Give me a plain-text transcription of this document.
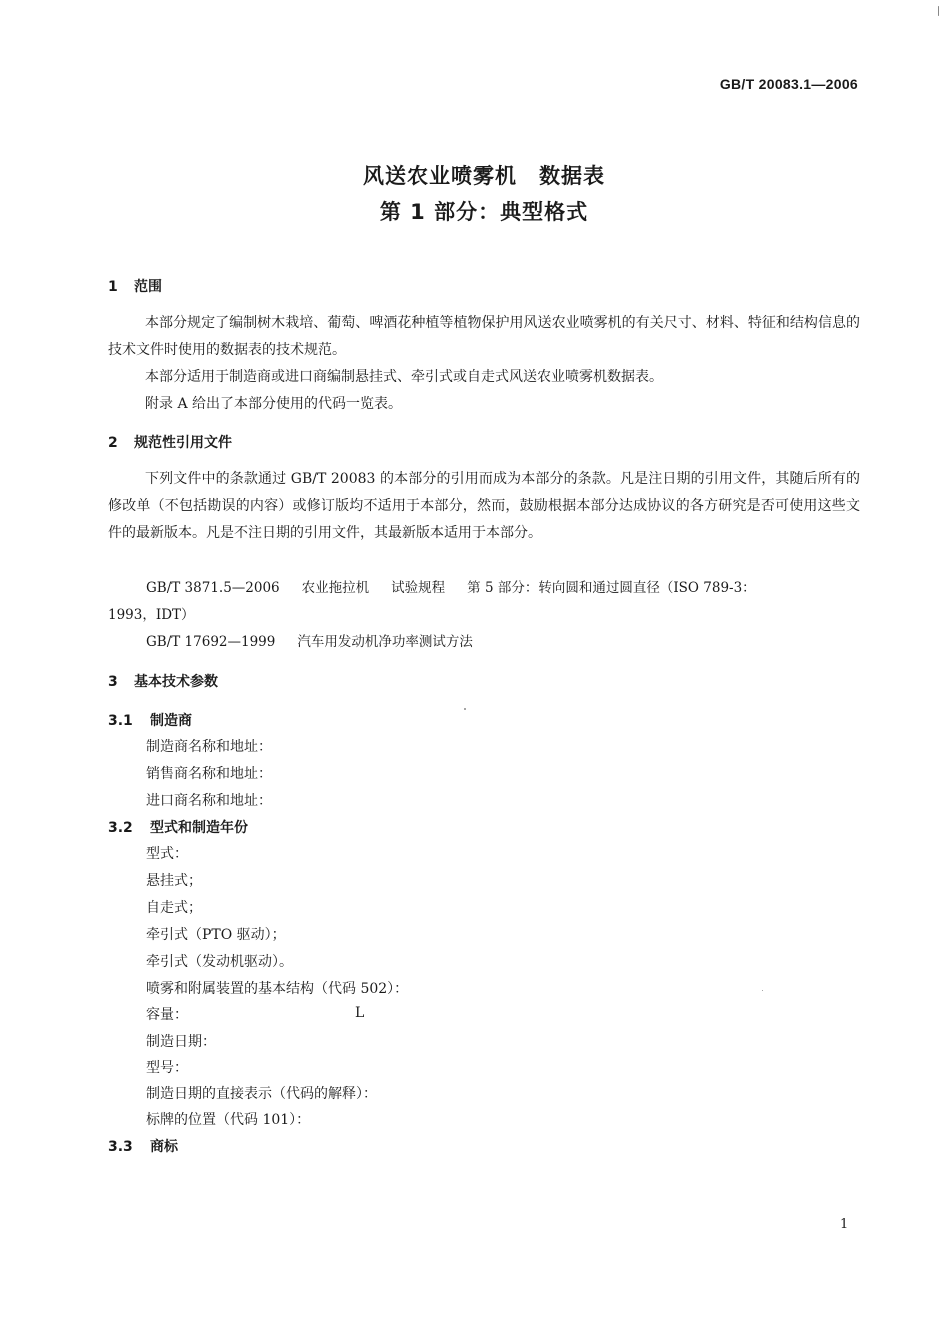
GB/T 20083.1—2006
风送农业喷雾机　数据表
第 1 部分：典型格式
1 范围
本部分规定了编制树木栽培、葡萄、啤酒花种植等植物保护用风送农业喷雾机的有关尺寸、材料、特征和结构信息的技术文件时使用的数据表的技术规范。
本部分适用于制造商或进口商编制悬挂式、牵引式或自走式风送农业喷雾机数据表。
附录 A 给出了本部分使用的代码一览表。
2 规范性引用文件
下列文件中的条款通过 GB/T 20083 的本部分的引用而成为本部分的条款。凡是注日期的引用文件，其随后所有的修改单（不包括勘误的内容）或修订版均不适用于本部分，然而，鼓励根据本部分达成协议的各方研究是否可使用这些文件的最新版本。凡是不注日期的引用文件，其最新版本适用于本部分。
GB/T 3871.5—2006 农业拖拉机 试验规程 第 5 部分：转向圆和通过圆直径（ISO 789-3：
1993，IDT）
GB/T 17692—1999 汽车用发动机净功率测试方法
3 基本技术参数
3.1 制造商
制造商名称和地址：
销售商名称和地址：
进口商名称和地址：
3.2 型式和制造年份
型式：
悬挂式；
自走式；
牵引式（PTO 驱动）；
牵引式（发动机驱动）。
喷雾和附属装置的基本结构（代码 502）：
容量：	L
制造日期：
型号：
制造日期的直接表示（代码的解释）：
标牌的位置（代码 101）：
3.3 商标
1
